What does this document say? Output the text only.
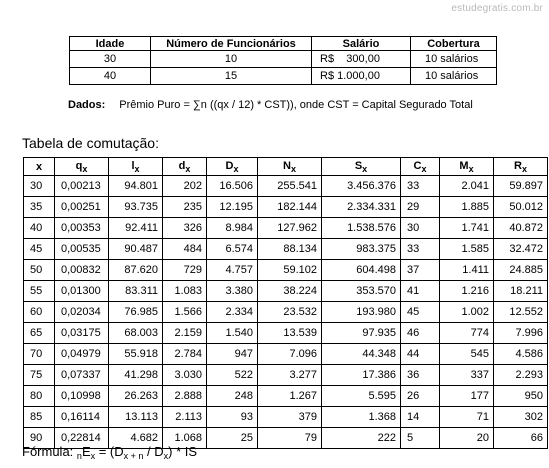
estudegratis.com.br
Idade	Número de Funcionários	Salário	Cobertura
30	10	R$    300,00	10 salários
40	15	R$ 1.000,00	10 salários
Dados: Prêmio Puro = ∑n ((qx / 12) * CST)), onde CST = Capital Segurado Total
Tabela de comutação:
x	$q_x$	$l_x$	$d_x$	$D_x$	$N_x$	$S_x$	$C_x$	$M_x$	$R_x$
30	0,00213	94.801	202	16.506	255.541	3.456.376	33	2.041	59.897
35	0,00251	93.735	235	12.195	182.144	2.334.331	29	1.885	50.012
40	0,00353	92.411	326	8.984	127.962	1.538.576	30	1.741	40.872
45	0,00535	90.487	484	6.574	88.134	983.375	33	1.585	32.472
50	0,00832	87.620	729	4.757	59.102	604.498	37	1.411	24.885
55	0,01300	83.311	1.083	3.380	38.224	353.570	41	1.216	18.211
60	0,02034	76.985	1.566	2.334	23.532	193.980	45	1.002	12.552
65	0,03175	68.003	2.159	1.540	13.539	97.935	46	774	7.996
70	0,04979	55.918	2.784	947	7.096	44.348	44	545	4.586
75	0,07337	41.298	3.030	522	3.277	17.386	36	337	2.293
80	0,10998	26.263	2.888	248	1.267	5.595	26	177	950
85	0,16114	13.113	2.113	93	379	1.368	14	71	302
90	0,22814	4.682	1.068	25	79	222	5	20	66
Fórmula: $_nE_x = (D_{x + n} / D_x)$ * IS
